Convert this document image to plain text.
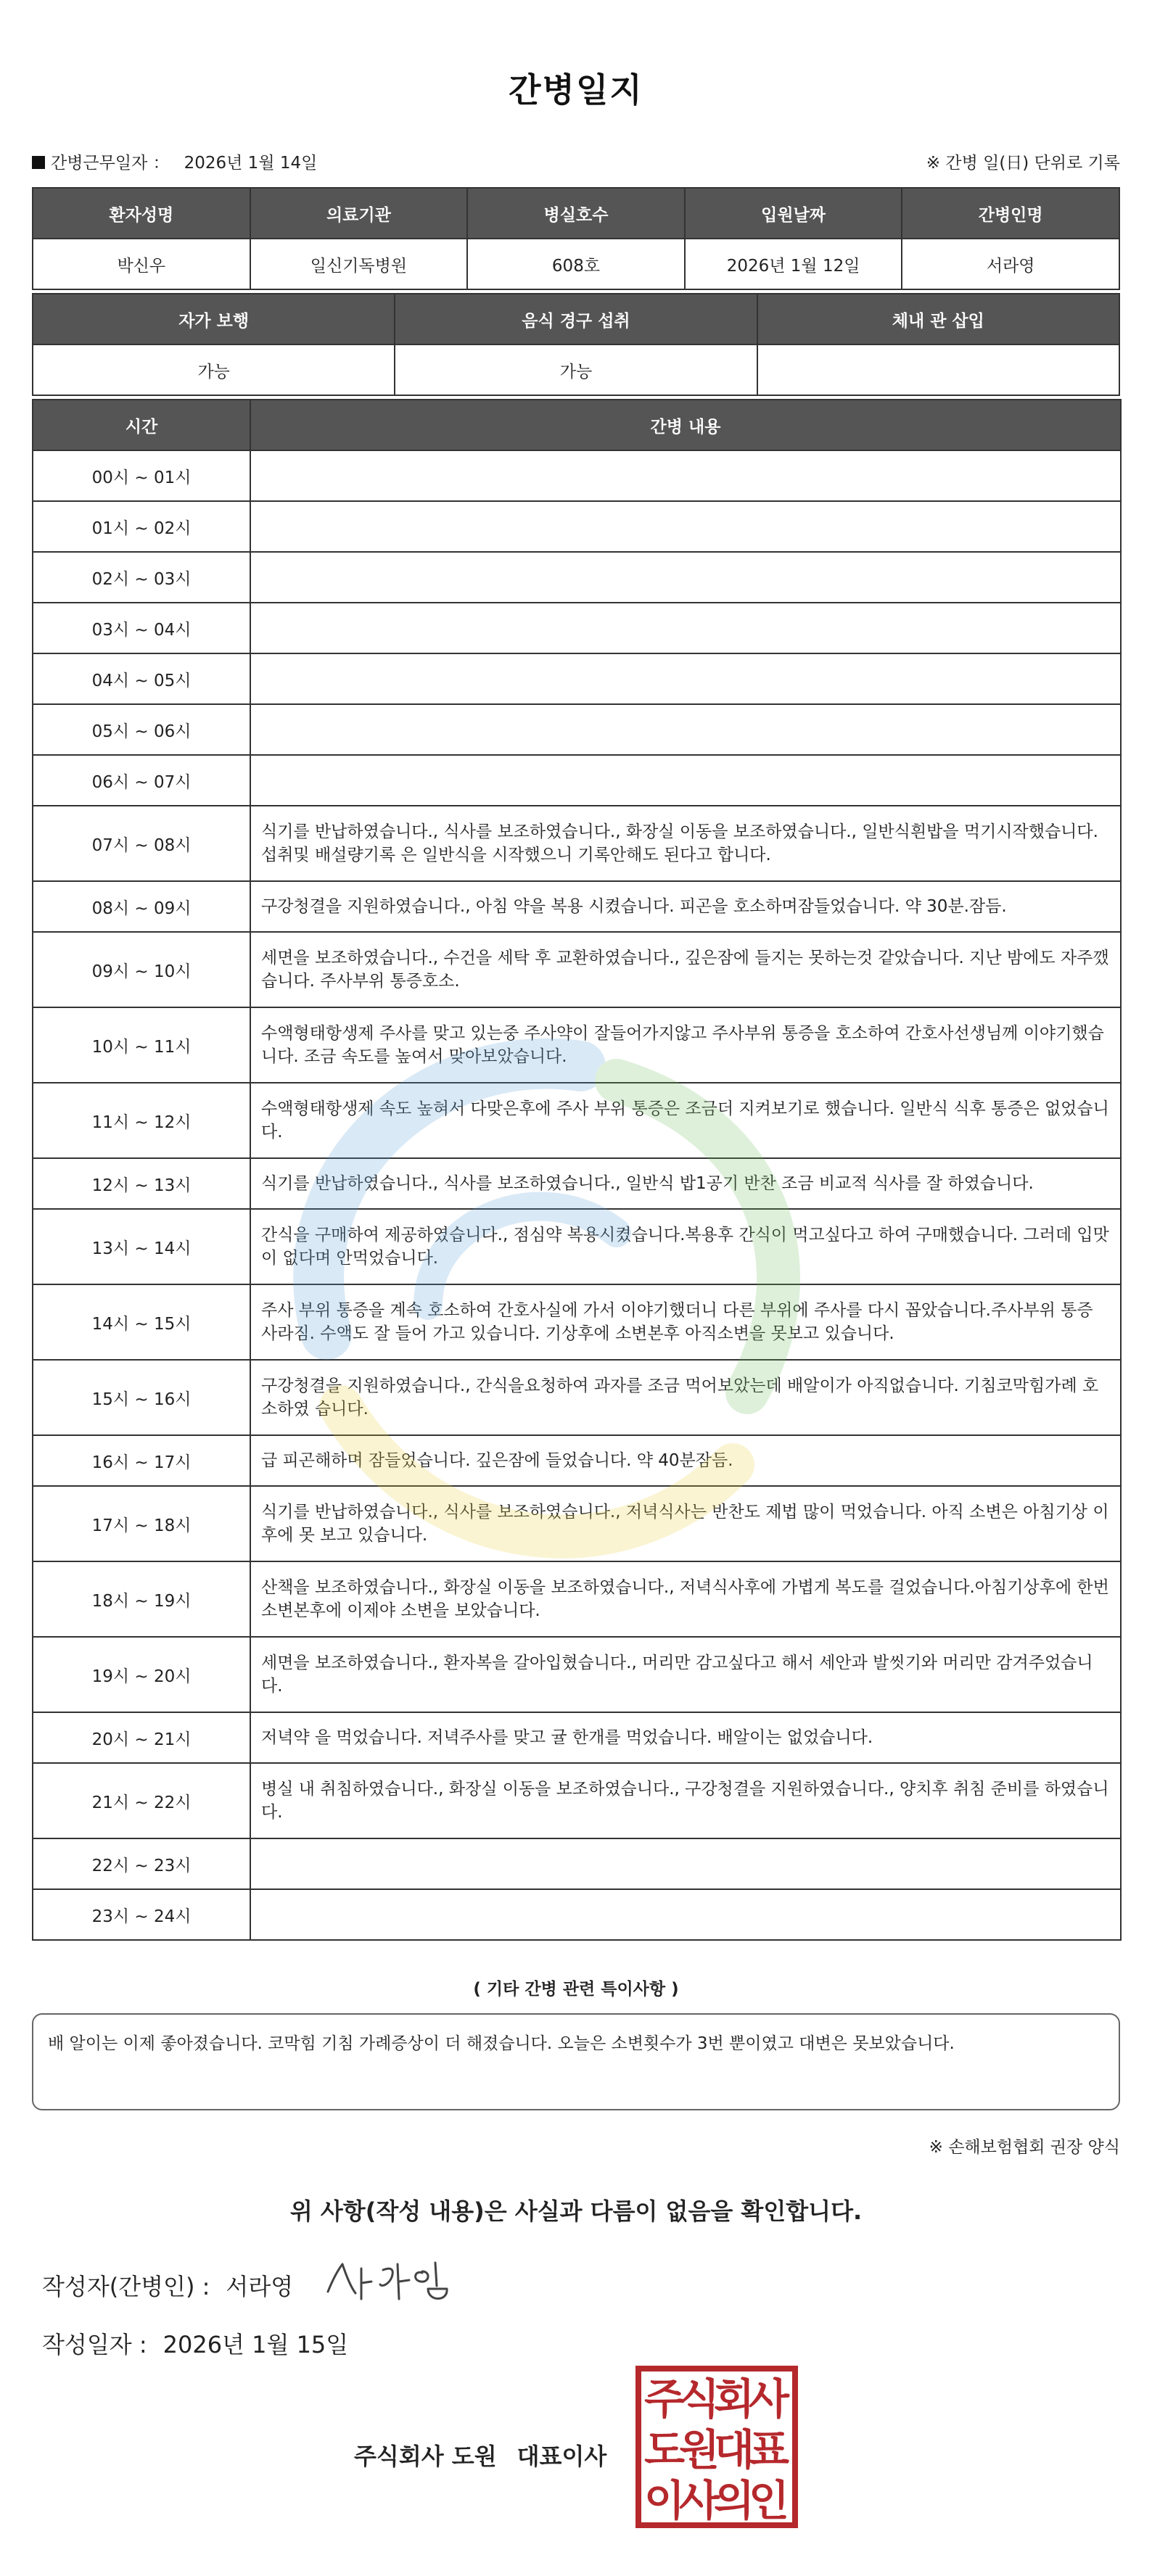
간병일지
간병근무일자 ： 2026년 1월 14일	※ 간병 일(日) 단위로 기록
환자성명	의료기관	병실호수	입원날짜	간병인명
박신우	일신기독병원	608호	2026년 1월 12일	서라영
자가 보행	음식 경구 섭취	체내 관 삽입
가능	가능	
시간	간병 내용
00시 ~ 01시	
01시 ~ 02시	
02시 ~ 03시	
03시 ~ 04시	
04시 ~ 05시	
05시 ~ 06시	
06시 ~ 07시	
07시 ~ 08시	식기를 반납하였습니다., 식사를 보조하였습니다., 화장실 이동을 보조하였습니다., 일반식흰밥을 먹기시작했습니다.섭취및 배설량기록 은 일반식을 시작했으니 기록안해도 된다고 합니다.
08시 ~ 09시	구강청결을 지원하였습니다., 아침 약을 복용 시켰습니다. 피곤을 호소하며잠들었습니다. 약 30분.잠듬.
09시 ~ 10시	세면을 보조하였습니다., 수건을 세탁 후 교환하였습니다., 깊은잠에 들지는 못하는것 같았습니다. 지난 밤에도 자주깼 습니다. 주사부위 통증호소.
10시 ~ 11시	수액형태항생제 주사를 맞고 있는중 주사약이 잘들어가지않고 주사부위 통증을 호소하여 간호사선생님께 이야기했습니다. 조금 속도를 높여서 맞아보았습니다.
11시 ~ 12시	수액형태항생제 속도 높혀서 다맞은후에 주사 부위 통증은 조금더 지켜보기로 했습니다. 일반식 식후 통증은 없었습니다.
12시 ~ 13시	식기를 반납하였습니다., 식사를 보조하였습니다., 일반식 밥1공기 반찬 조금 비교적 식사를 잘 하였습니다.
13시 ~ 14시	간식을 구매하여 제공하였습니다., 점심약 복용시켰습니다.복용후 간식이 먹고싶다고 하여 구매했습니다. 그러데 입맛이 없다며 안먹었습니다.
14시 ~ 15시	주사 부위 통증을 계속 호소하여 간호사실에 가서 이야기했더니 다른 부위에 주사를 다시 꼽았습니다.주사부위 통증 사라짐. 수액도 잘 들어 가고 있습니다. 기상후에 소변본후 아직소변을 못보고 있습니다.
15시 ~ 16시	구강청결을 지원하였습니다., 간식을요청하여 과자를 조금 먹어보았는데 배알이가 아직없습니다. 기침코막힘가례 호소하였 습니다.
16시 ~ 17시	급 피곤해하며 잠들었습니다. 깊은잠에 들었습니다. 약 40분잠듬.
17시 ~ 18시	식기를 반납하였습니다., 식사를 보조하였습니다., 저녁식사는 반찬도 제법 많이 먹었습니다. 아직 소변은 아침기상 이후에 못 보고 있습니다.
18시 ~ 19시	산책을 보조하였습니다., 화장실 이동을 보조하였습니다., 저녁식사후에 가볍게 복도를 걸었습니다.아침기상후에 한번 소변본후에 이제야 소변을 보았습니다.
19시 ~ 20시	세면을 보조하였습니다., 환자복을 갈아입혔습니다., 머리만 감고싶다고 해서 세안과 발씻기와 머리만 감겨주었습니다.
20시 ~ 21시	저녁약 을 먹었습니다. 저녁주사를 맞고 귤 한개를 먹었습니다. 배알이는 없었습니다.
21시 ~ 22시	병실 내 취침하였습니다., 화장실 이동을 보조하였습니다., 구강청결을 지원하였습니다., 양치후 취침 준비를 하였습니다.
22시 ~ 23시	
23시 ~ 24시	
( 기타 간병 관련 특이사항 )
배 알이는 이제 좋아졌습니다. 코막힘 기침 가례증상이 더 해졌습니다. 오늘은 소변횟수가 3번 뿐이였고 대변은 못보았습니다.
※ 손해보험협회 권장 양식
위 사항(작성 내용)은 사실과 다름이 없음을 확인합니다.
작성자(간병인) : 서라영
작성일자 : 2026년 1월 15일
주식회사 도원 대표이사
주
식
회
사
도
원
대
표
이
사
의
인
